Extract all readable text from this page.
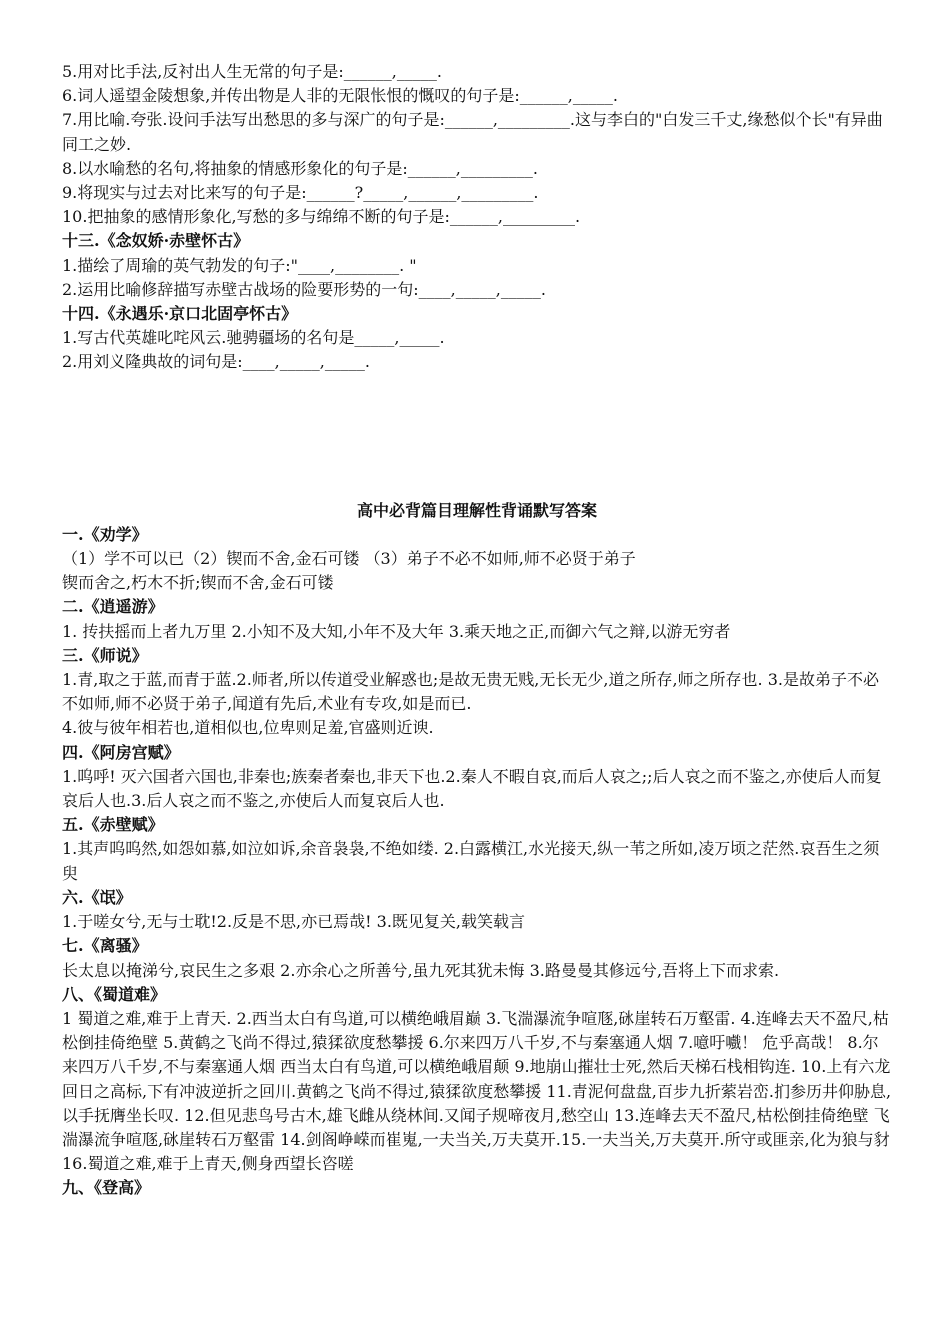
5.用对比手法,反衬出人生无常的句子是:______,_____.
6.词人遥望金陵想象,并传出物是人非的无限怅恨的慨叹的句子是:______,_____.
7.用比喻.夸张.设问手法写出愁思的多与深广的句子是:______,_________.这与李白的"白发三千丈,缘愁似个长"有异曲同工之妙.
8.以水喻愁的名句,将抽象的情感形象化的句子是:______,_________.
9.将现实与过去对比来写的句子是:______?_____,______,_________.
10.把抽象的感情形象化,写愁的多与绵绵不断的句子是:______,_________.
十三.《念奴娇·赤壁怀古》
1.描绘了周瑜的英气勃发的句子:"____,________. "
2.运用比喻修辞描写赤壁古战场的险要形势的一句:____,_____,_____.
十四.《永遇乐·京口北固亭怀古》
1.写古代英雄叱咤风云.驰骋疆场的名句是_____,_____.
2.用刘义隆典故的词句是:____,_____,_____.
高中必背篇目理解性背诵默写答案
一.《劝学》
（1）学不可以已（2）锲而不舍,金石可镂 （3）弟子不必不如师,师不必贤于弟子
锲而舍之,朽木不折;锲而不舍,金石可镂
二.《逍遥游》
1. 抟扶摇而上者九万里 2.小知不及大知,小年不及大年 3.乘天地之正,而御六气之辩,以游无穷者
三.《师说》
1.青,取之于蓝,而青于蓝.2.师者,所以传道受业解惑也;是故无贵无贱,无长无少,道之所存,师之所存也. 3.是故弟子不必不如师,师不必贤于弟子,闻道有先后,术业有专攻,如是而已.
4.彼与彼年相若也,道相似也,位卑则足羞,官盛则近谀.
四.《阿房宫赋》
1.呜呼! 灭六国者六国也,非秦也;族秦者秦也,非天下也.2.秦人不暇自哀,而后人哀之;;后人哀之而不鉴之,亦使后人而复哀后人也.3.后人哀之而不鉴之,亦使后人而复哀后人也.
五.《赤壁赋》
1.其声呜呜然,如怨如慕,如泣如诉,余音袅袅,不绝如缕. 2.白露横江,水光接天,纵一苇之所如,凌万顷之茫然.哀吾生之须臾
六.《氓》
1.于嗟女兮,无与士耽!2.反是不思,亦已焉哉! 3.既见复关,载笑载言
七.《离骚》
长太息以掩涕兮,哀民生之多艰 2.亦余心之所善兮,虽九死其犹未悔 3.路曼曼其修远兮,吾将上下而求索.
八、《蜀道难》
1 蜀道之难,难于上青天. 2.西当太白有鸟道,可以横绝峨眉巅 3.飞湍瀑流争喧豗,砯崖转石万壑雷. 4.连峰去天不盈尺,枯松倒挂倚绝壁 5.黄鹤之飞尚不得过,猿猱欲度愁攀援 6.尔来四万八千岁,不与秦塞通人烟 7.噫吁嚱！ 危乎高哉！ 8.尔来四万八千岁,不与秦塞通人烟 西当太白有鸟道,可以横绝峨眉颠 9.地崩山摧壮士死,然后天梯石栈相钩连. 10.上有六龙回日之高标,下有冲波逆折之回川.黄鹤之飞尚不得过,猿猱欲度愁攀援 11.青泥何盘盘,百步九折萦岩峦.扪参历井仰胁息,以手抚膺坐长叹. 12.但见悲鸟号古木,雄飞雌从绕林间.又闻子规啼夜月,愁空山 13.连峰去天不盈尺,枯松倒挂倚绝壁 飞湍瀑流争喧豗,砯崖转石万壑雷 14.剑阁峥嵘而崔嵬,一夫当关,万夫莫开.15.一夫当关,万夫莫开.所守或匪亲,化为狼与豺 16.蜀道之难,难于上青天,侧身西望长咨嗟
九、《登高》
